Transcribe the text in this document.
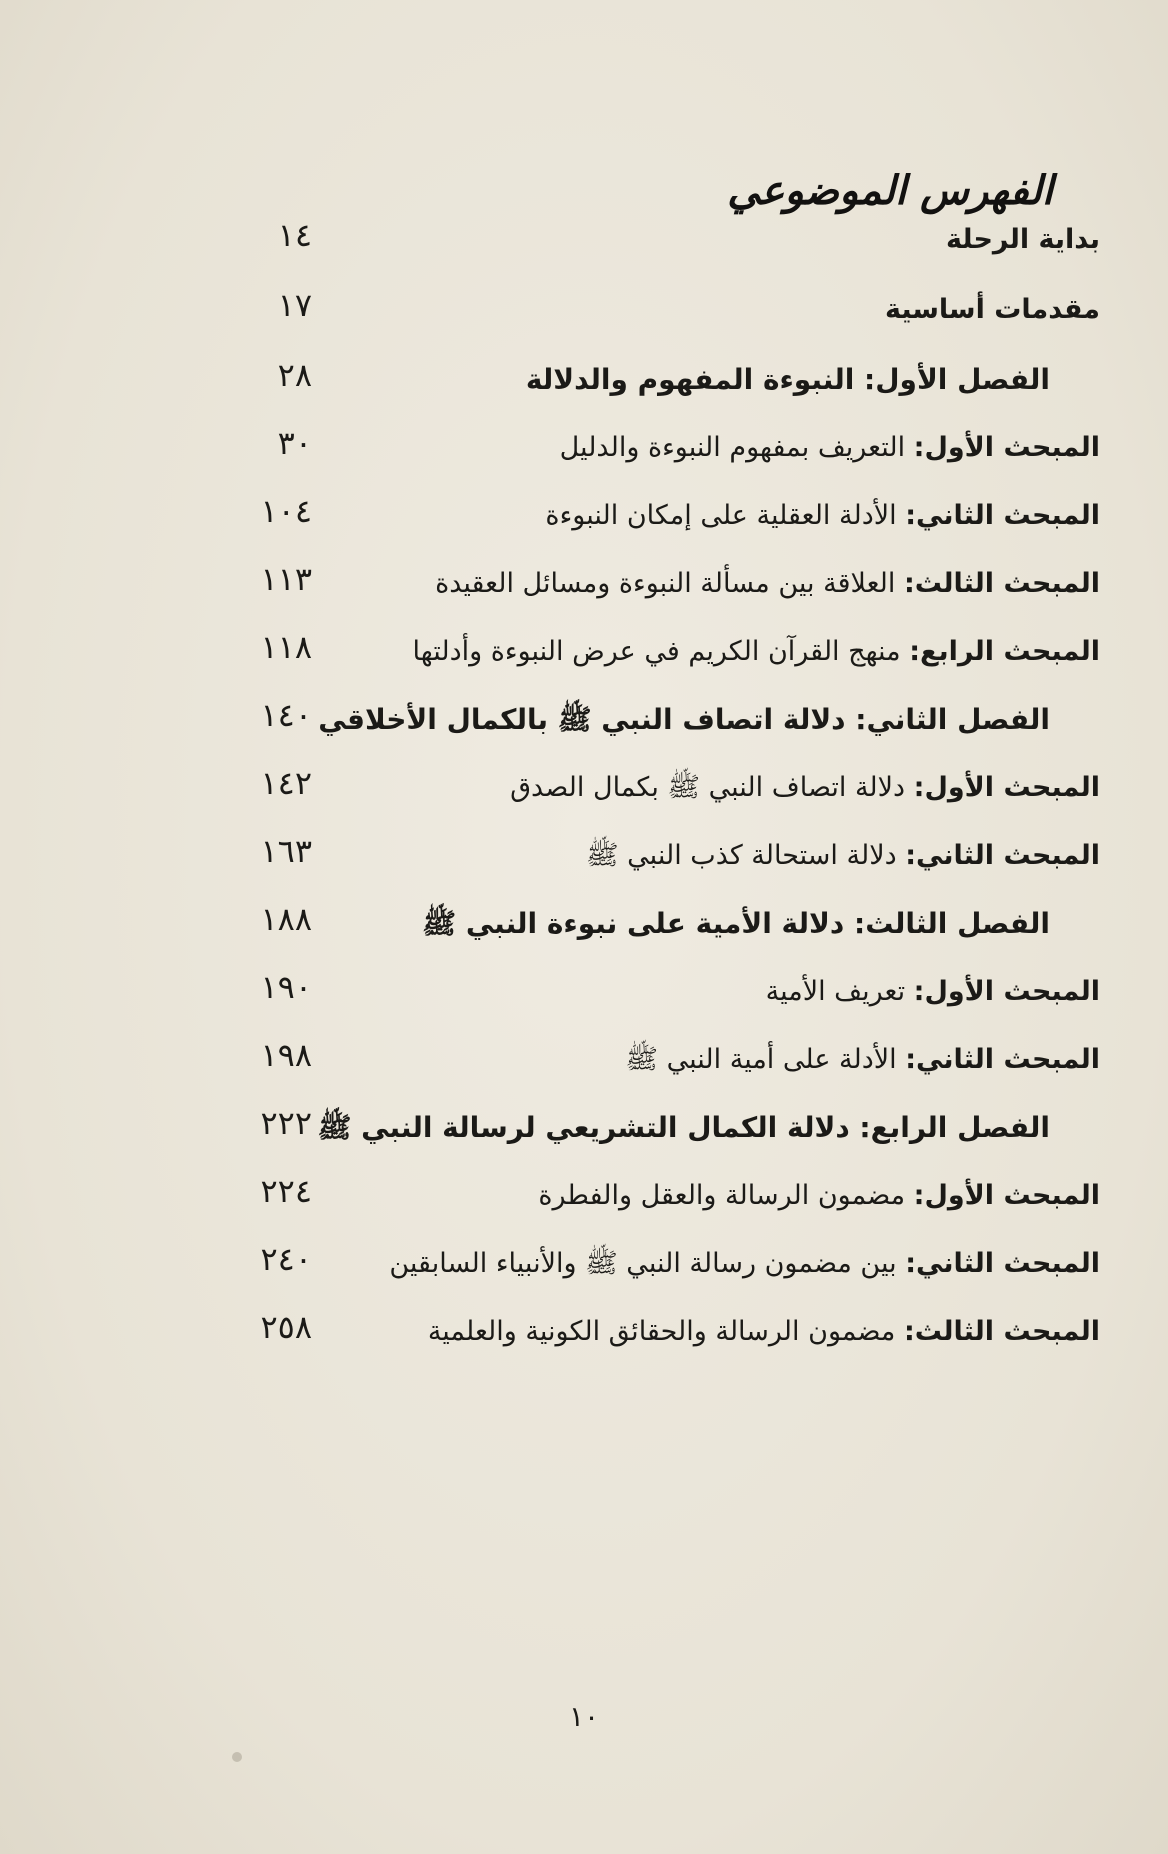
الفهرس الموضوعي
بداية الرحلة
١٤
مقدمات أساسية
١٧
الفصل الأول: النبوءة المفهوم والدلالة
٢٨
المبحث الأول: التعريف بمفهوم النبوءة والدليل
٣٠
المبحث الثاني: الأدلة العقلية على إمكان النبوءة
١٠٤
المبحث الثالث: العلاقة بين مسألة النبوءة ومسائل العقيدة
١١٣
المبحث الرابع: منهج القرآن الكريم في عرض النبوءة وأدلتها
١١٨
الفصل الثاني: دلالة اتصاف النبي ﷺ بالكمال الأخلاقي
١٤٠
المبحث الأول: دلالة اتصاف النبي ﷺ بكمال الصدق
١٤٢
المبحث الثاني: دلالة استحالة كذب النبي ﷺ
١٦٣
الفصل الثالث: دلالة الأمية على نبوءة النبي ﷺ
١٨٨
المبحث الأول: تعريف الأمية
١٩٠
المبحث الثاني: الأدلة على أمية النبي ﷺ
١٩٨
الفصل الرابع: دلالة الكمال التشريعي لرسالة النبي ﷺ
٢٢٢
المبحث الأول: مضمون الرسالة والعقل والفطرة
٢٢٤
المبحث الثاني: بين مضمون رسالة النبي ﷺ والأنبياء السابقين
٢٤٠
المبحث الثالث: مضمون الرسالة والحقائق الكونية والعلمية
٢٥٨
١٠
